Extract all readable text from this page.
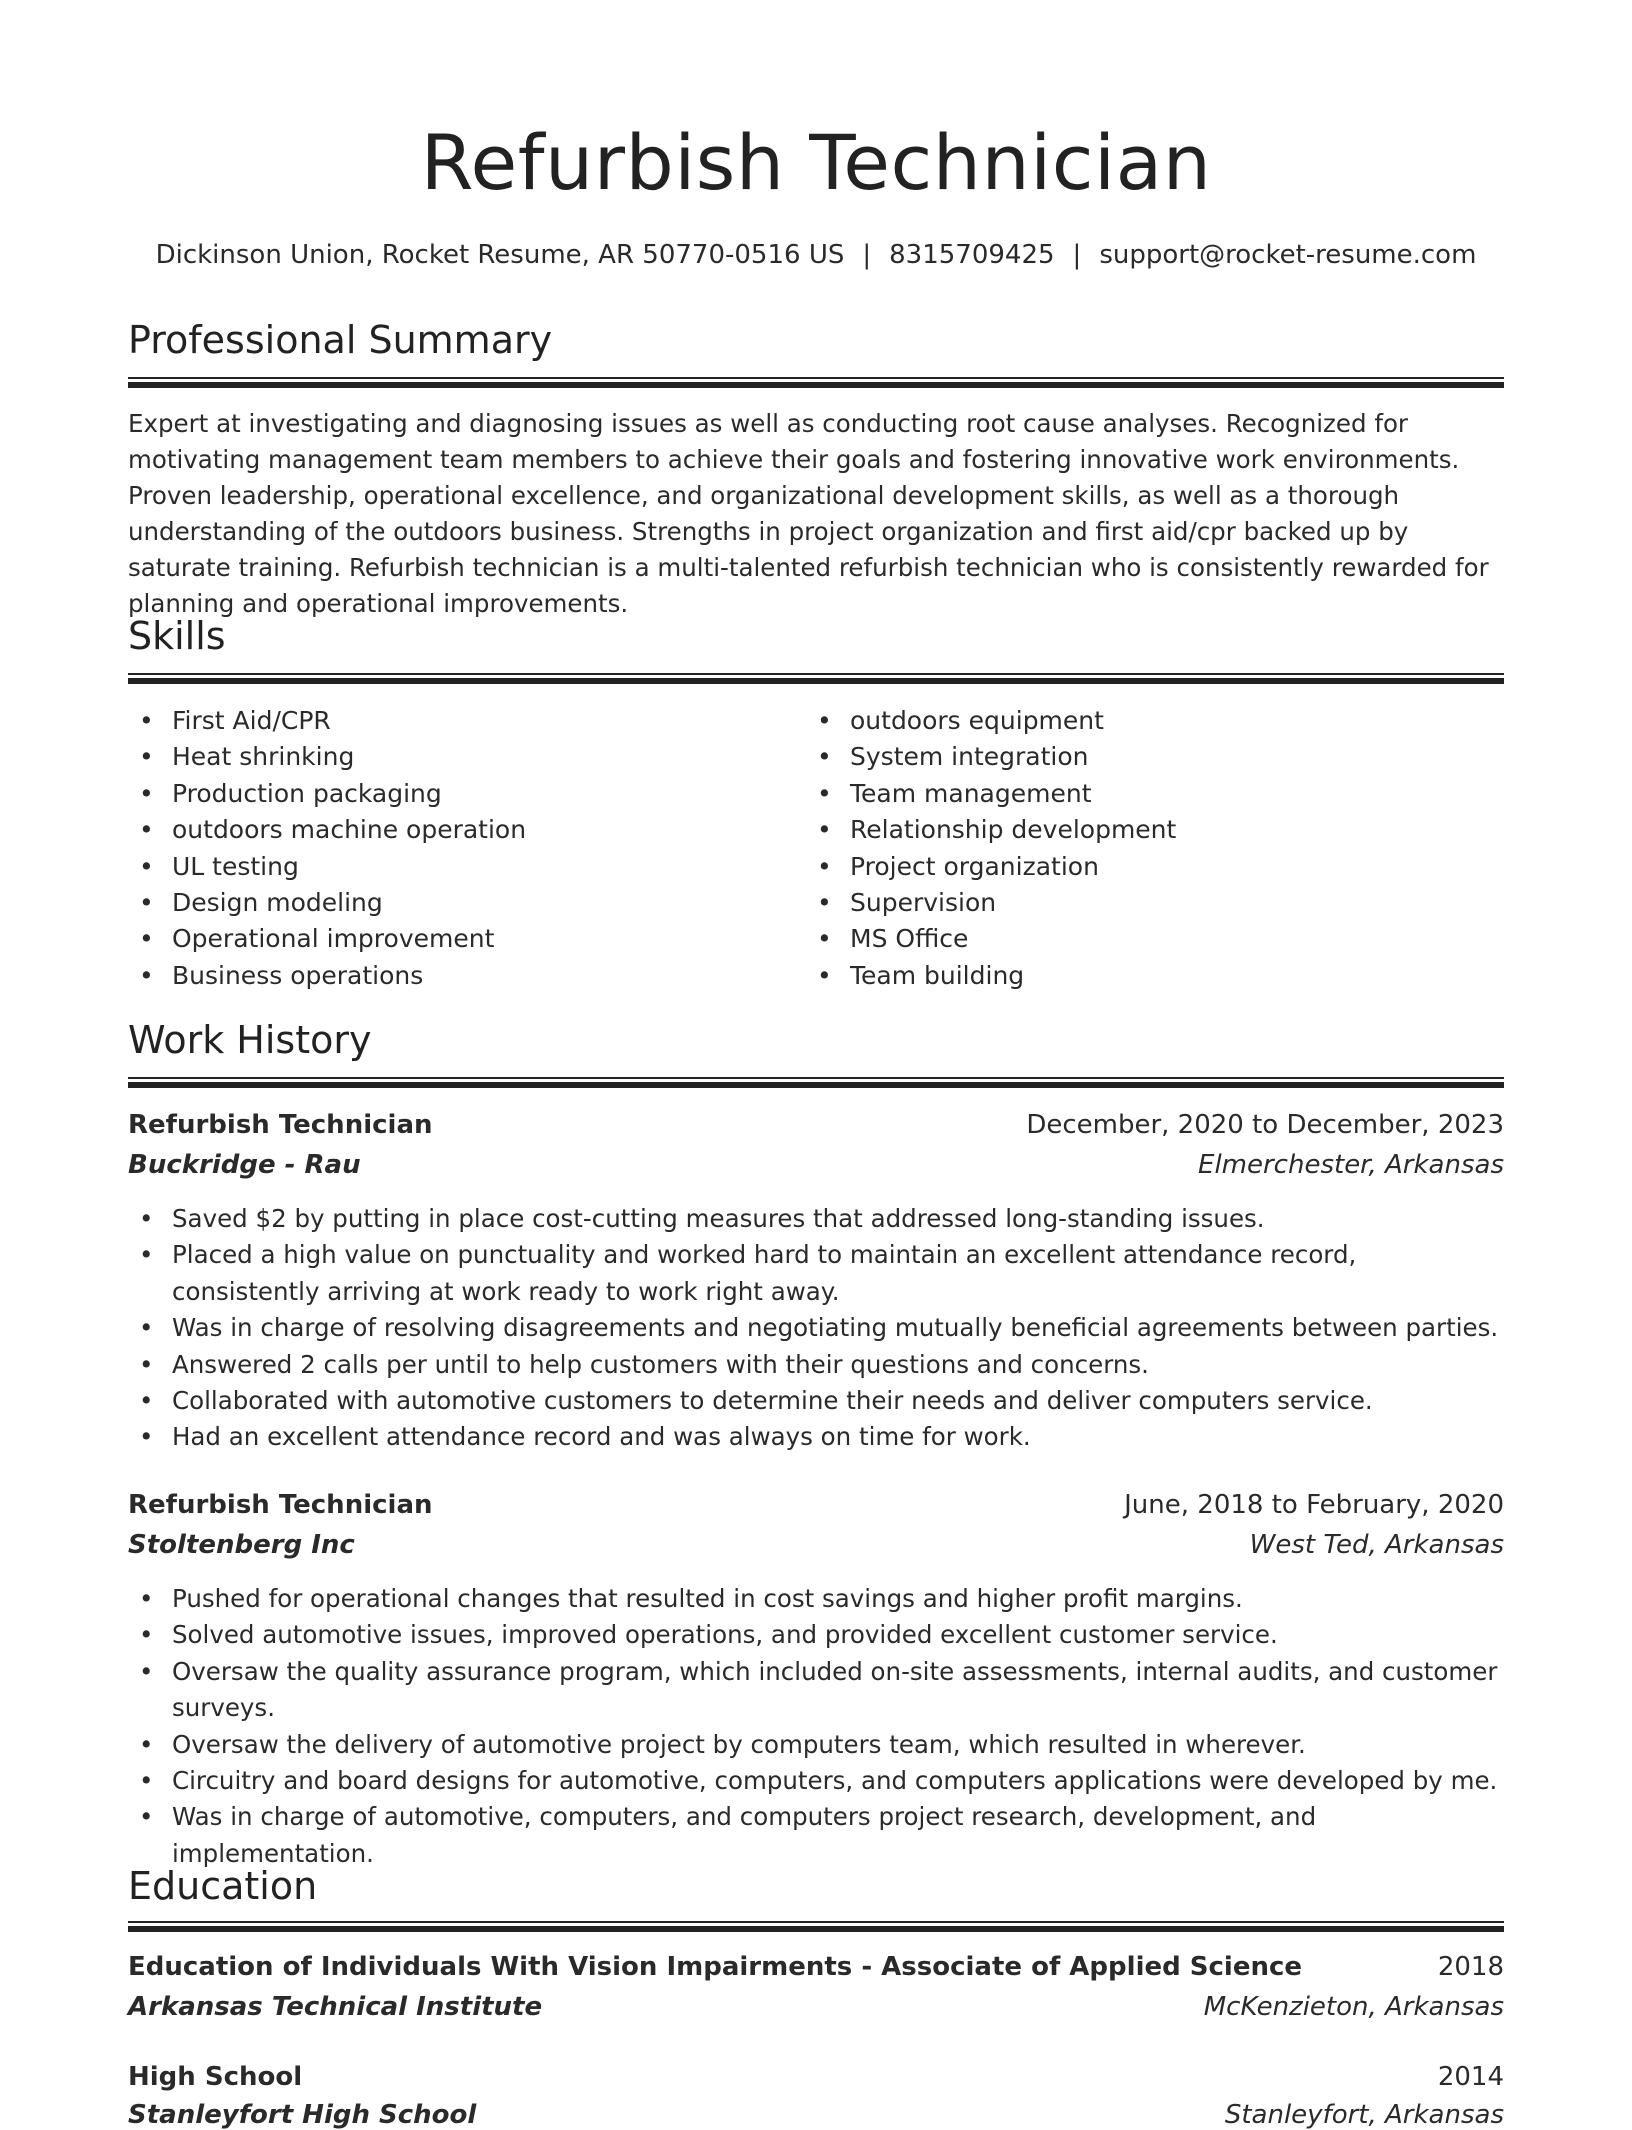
Refurbish Technician
Dickinson Union, Rocket Resume, AR 50770-0516 US | 8315709425 | support@rocket-resume.com
Professional Summary

Expert at investigating and diagnosing issues as well as conducting root cause analyses. Recognized for motivating management team members to achieve their goals and fostering innovative work environments. Proven leadership, operational excellence, and organizational development skills, as well as a thorough understanding of the outdoors business. Strengths in project organization and first aid/cpr backed up by saturate training. Refurbish technician is a multi-talented refurbish technician who is consistently rewarded for planning and operational improvements.

Skills
• First Aid/CPR
• Heat shrinking
• Production packaging
• outdoors machine operation
• UL testing
• Design modeling
• Operational improvement
• Business operations
• outdoors equipment
• System integration
• Team management
• Relationship development
• Project organization
• Supervision
• MS Office
• Team building
Work History
Refurbish Technician	December, 2020 to December, 2023
Buckridge - Rau	Elmerchester, Arkansas
• Saved $2 by putting in place cost-cutting measures that addressed long-standing issues.
• Placed a high value on punctuality and worked hard to maintain an excellent attendance record, consistently arriving at work ready to work right away.
• Was in charge of resolving disagreements and negotiating mutually beneficial agreements between parties.
• Answered 2 calls per until to help customers with their questions and concerns.
• Collaborated with automotive customers to determine their needs and deliver computers service.
• Had an excellent attendance record and was always on time for work.
Refurbish Technician	June, 2018 to February, 2020
Stoltenberg Inc	West Ted, Arkansas
• Pushed for operational changes that resulted in cost savings and higher profit margins.
• Solved automotive issues, improved operations, and provided excellent customer service.
• Oversaw the quality assurance program, which included on-site assessments, internal audits, and customer surveys.
• Oversaw the delivery of automotive project by computers team, which resulted in wherever.
• Circuitry and board designs for automotive, computers, and computers applications were developed by me.
• Was in charge of automotive, computers, and computers project research, development, and implementation.
Education
Education of Individuals With Vision Impairments - Associate of Applied Science	2018
Arkansas Technical Institute	McKenzieton, Arkansas
High School	2014
Stanleyfort High School	Stanleyfort, Arkansas
